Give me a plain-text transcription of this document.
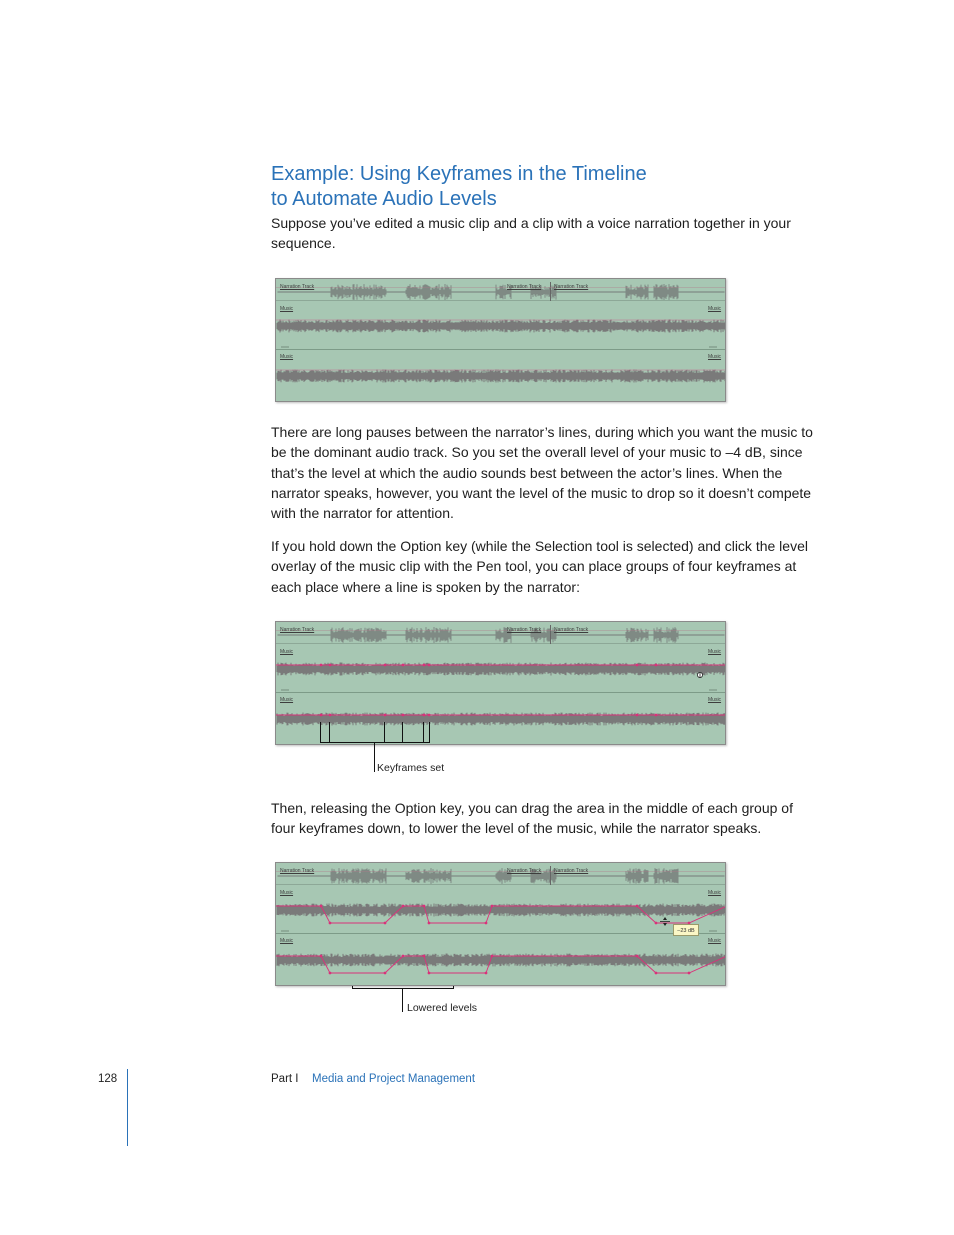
Example: Using Keyframes in the Timeline
to Automate Audio Levels

Suppose you’ve edited a music clip and a clip with a voice narration together in your sequence.

Narration Track	Narration Track	Narration Track
Music	Music
Music	Music

There are long pauses between the narrator’s lines, during which you want the music to be the dominant audio track. So you set the overall level of your music to –4 dB, since that’s the level at which the audio sounds best between the actor’s lines. When the narrator speaks, however, you want the level of the music to drop so it doesn’t compete with the narrator for attention.

If you hold down the Option key (while the Selection tool is selected) and click the level overlay of the music clip with the Pen tool, you can place groups of four keyframes at each place where a line is spoken by the narrator:

Narration Track	Narration Track	Narration Track
Music	Music
Music	Music
Keyframes set

Then, releasing the Option key, you can drag the area in the middle of each group of four keyframes down, to lower the level of the music, while the narrator speaks.

Narration Track	Narration Track	Narration Track
Music	Music
Music	Music
–23 dB
Lowered levels
128	Part I Media and Project Management
